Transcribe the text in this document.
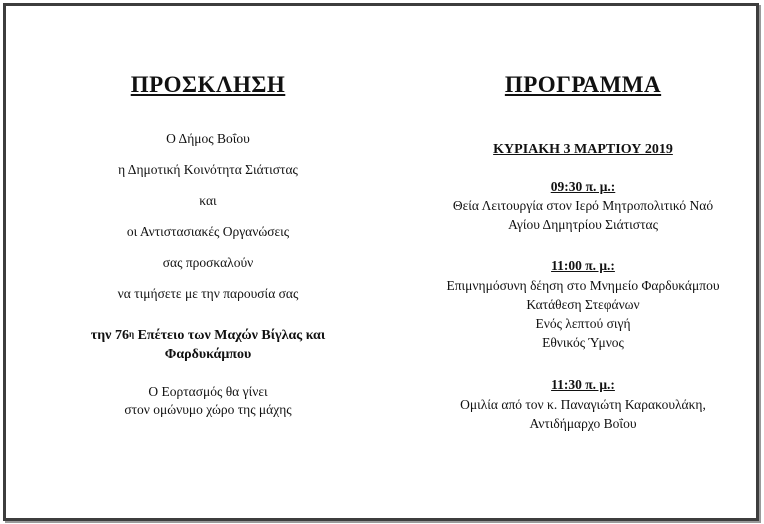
ΠΡΟΣΚΛΗΣΗ
Ο Δήμος Βοΐου
η Δημοτική Κοινότητα Σιάτιστας
και
οι Αντιστασιακές Οργανώσεις
σας προσκαλούν
να τιμήσετε με την παρουσία σας
την $76^\eta$ Επέτειο των Μαχών Βίγλας και
Φαρδυκάμπου
Ο Εορτασμός θα γίνει
στον ομώνυμο χώρο της μάχης
ΠΡΟΓΡΑΜΜΑ
ΚΥΡΙΑΚΗ 3 ΜΑΡΤΙΟΥ 2019
09:30 π. μ.:
Θεία Λειτουργία στον Ιερό Μητροπολιτικό Ναό
Αγίου Δημητρίου Σιάτιστας
11:00 π. μ.:
Επιμνημόσυνη δέηση στο Μνημείο Φαρδυκάμπου
Κατάθεση Στεφάνων
Ενός λεπτού σιγή
Εθνικός Ύμνος
11:30 π. μ.:
Ομιλία από τον κ. Παναγιώτη Καρακουλάκη,
Αντιδήμαρχο Βοΐου
